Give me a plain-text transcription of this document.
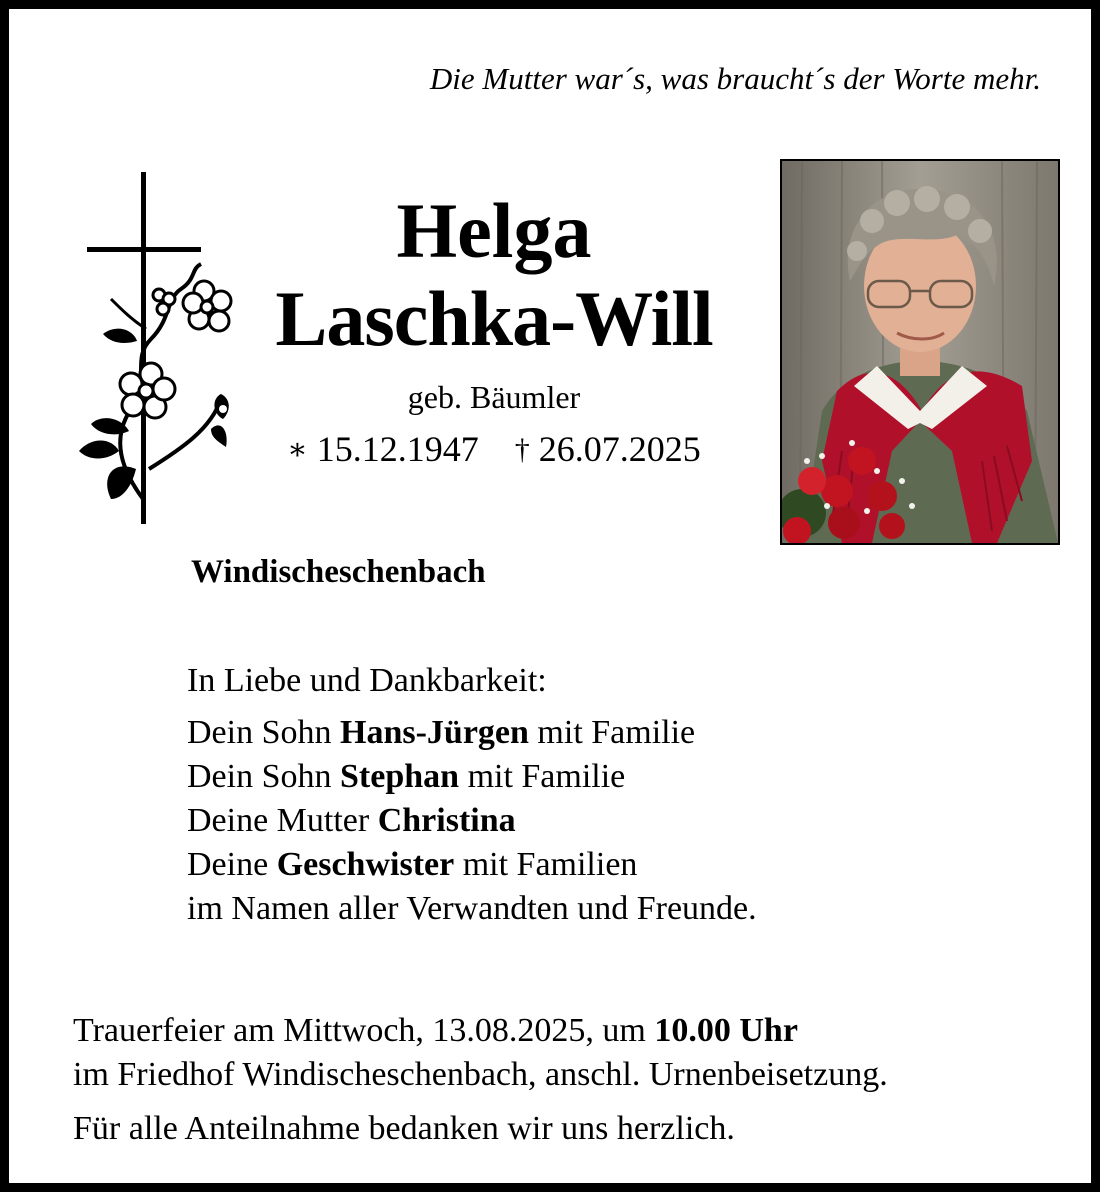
Die Mutter war´s, was braucht´s der Worte mehr.
Helga
Laschka-Will
geb. Bäumler
∗ 15.12.1947 † 26.07.2025
Windischeschenbach
In Liebe und Dankbarkeit:
Dein Sohn Hans-Jürgen mit Familie
Dein Sohn Stephan mit Familie
Deine Mutter Christina
Deine Geschwister mit Familien
im Namen aller Verwandten und Freunde.
Trauerfeier am Mittwoch, 13.08.2025, um 10.00 Uhr
im Friedhof Windischeschenbach, anschl. Urnenbeisetzung.
Für alle Anteilnahme bedanken wir uns herzlich.
